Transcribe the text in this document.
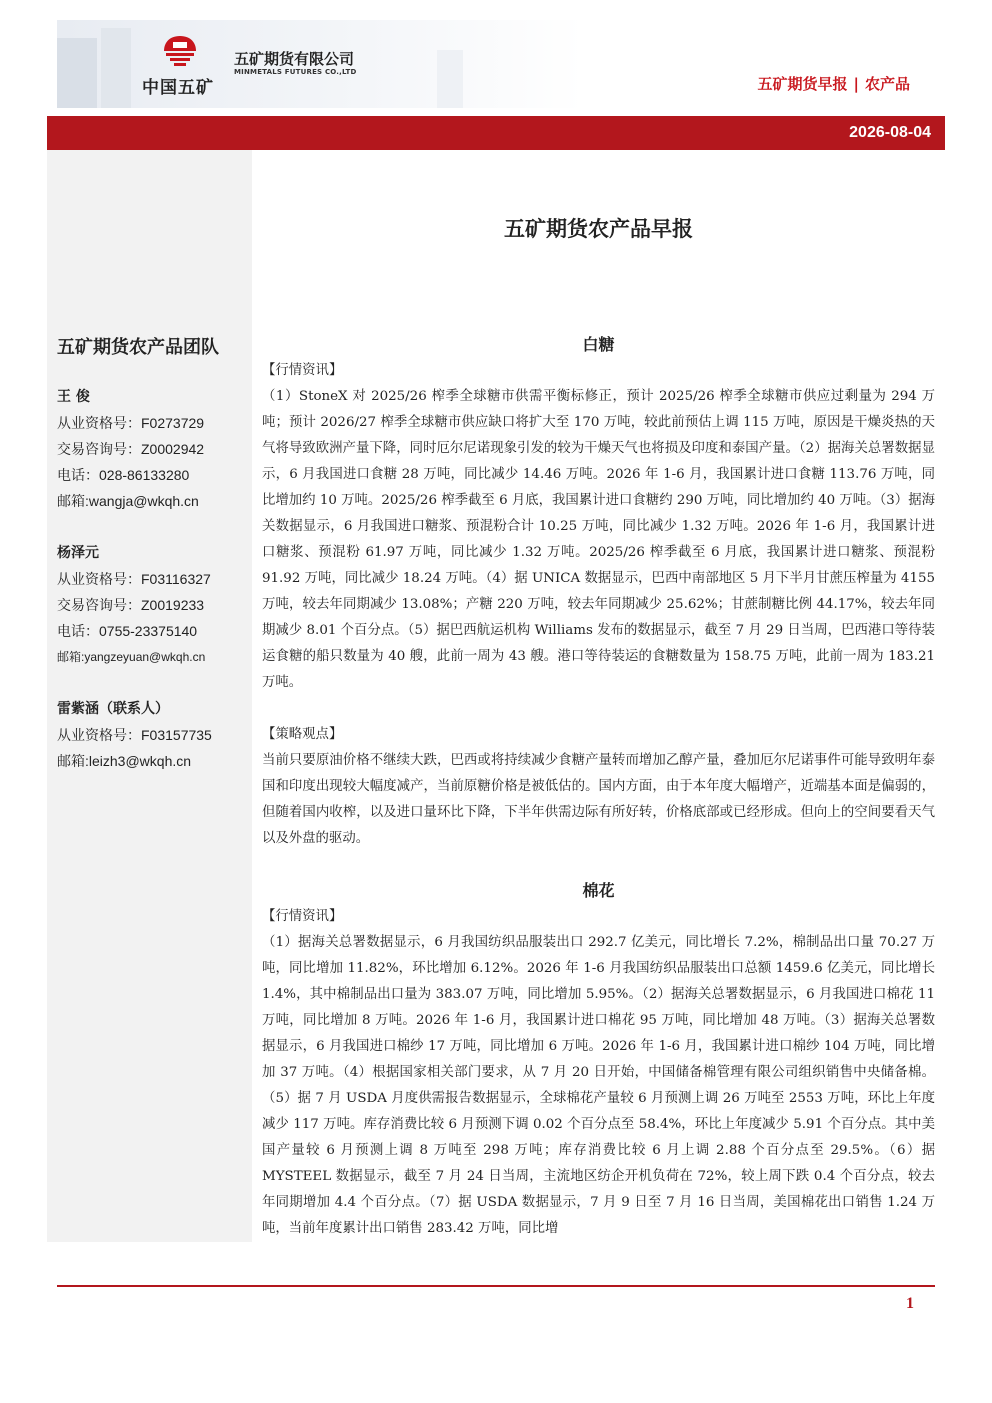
中国五矿
五矿期货有限公司
MINMETALS FUTURES CO.,LTD
五矿期货早报 | 农产品
2026-08-04
五矿期货农产品早报
五矿期货农产品团队
王 俊
从业资格号：F0273729
交易咨询号：Z0002942
电话：028-86133280
邮箱:wangja@wkqh.cn
杨泽元
从业资格号：F03116327
交易咨询号：Z0019233
电话：0755-23375140
邮箱:yangzeyuan@wkqh.cn
雷紫涵（联系人）
从业资格号：F03157735
邮箱:leizh3@wkqh.cn
白糖
【行情资讯】
（1）StoneX 对 2025/26 榨季全球糖市供需平衡标修正，预计 2025/26 榨季全球糖市供应过剩量为 294 万吨；预计 2026/27 榨季全球糖市供应缺口将扩大至 170 万吨，较此前预估上调 115 万吨，原因是干燥炎热的天气将导致欧洲产量下降，同时厄尔尼诺现象引发的较为干燥天气也将损及印度和泰国产量。（2）据海关总署数据显示，6 月我国进口食糖 28 万吨，同比减少 14.46 万吨。2026 年 1-6 月，我国累计进口食糖 113.76 万吨，同比增加约 10 万吨。2025/26 榨季截至 6 月底，我国累计进口食糖约 290 万吨，同比增加约 40 万吨。（3）据海关数据显示，6 月我国进口糖浆、预混粉合计 10.25 万吨，同比减少 1.32 万吨。2026 年 1-6 月，我国累计进口糖浆、预混粉 61.97 万吨，同比减少 1.32 万吨。2025/26 榨季截至 6 月底，我国累计进口糖浆、预混粉 91.92 万吨，同比减少 18.24 万吨。（4）据 UNICA 数据显示，巴西中南部地区 5 月下半月甘蔗压榨量为 4155 万吨，较去年同期减少 13.08%；产糖 220 万吨，较去年同期减少 25.62%；甘蔗制糖比例 44.17%，较去年同期减少 8.01 个百分点。（5）据巴西航运机构 Williams 发布的数据显示，截至 7 月 29 日当周，巴西港口等待装运食糖的船只数量为 40 艘，此前一周为 43 艘。港口等待装运的食糖数量为 158.75 万吨，此前一周为 183.21 万吨。
【策略观点】
当前只要原油价格不继续大跌，巴西或将持续减少食糖产量转而增加乙醇产量，叠加厄尔尼诺事件可能导致明年泰国和印度出现较大幅度减产，当前原糖价格是被低估的。国内方面，由于本年度大幅增产，近端基本面是偏弱的，但随着国内收榨，以及进口量环比下降，下半年供需边际有所好转，价格底部或已经形成。但向上的空间要看天气以及外盘的驱动。
棉花
【行情资讯】
（1）据海关总署数据显示，6 月我国纺织品服装出口 292.7 亿美元，同比增长 7.2%，棉制品出口量 70.27 万吨，同比增加 11.82%，环比增加 6.12%。2026 年 1-6 月我国纺织品服装出口总额 1459.6 亿美元，同比增长 1.4%，其中棉制品出口量为 383.07 万吨，同比增加 5.95%。（2）据海关总署数据显示，6 月我国进口棉花 11 万吨，同比增加 8 万吨。2026 年 1-6 月，我国累计进口棉花 95 万吨，同比增加 48 万吨。（3）据海关总署数据显示，6 月我国进口棉纱 17 万吨，同比增加 6 万吨。2026 年 1-6 月，我国累计进口棉纱 104 万吨，同比增加 37 万吨。（4）根据国家相关部门要求，从 7 月 20 日开始，中国储备棉管理有限公司组织销售中央储备棉。（5）据 7 月 USDA 月度供需报告数据显示，全球棉花产量较 6 月预测上调 26 万吨至 2553 万吨，环比上年度减少 117 万吨。库存消费比较 6 月预测下调 0.02 个百分点至 58.4%，环比上年度减少 5.91 个百分点。其中美国产量较 6 月预测上调 8 万吨至 298 万吨；库存消费比较 6 月上调 2.88 个百分点至 29.5%。（6）据 MYSTEEL 数据显示，截至 7 月 24 日当周，主流地区纺企开机负荷在 72%，较上周下跌 0.4 个百分点，较去年同期增加 4.4 个百分点。（7）据 USDA 数据显示，7 月 9 日至 7 月 16 日当周，美国棉花出口销售 1.24 万吨，当前年度累计出口销售 283.42 万吨，同比增
1
